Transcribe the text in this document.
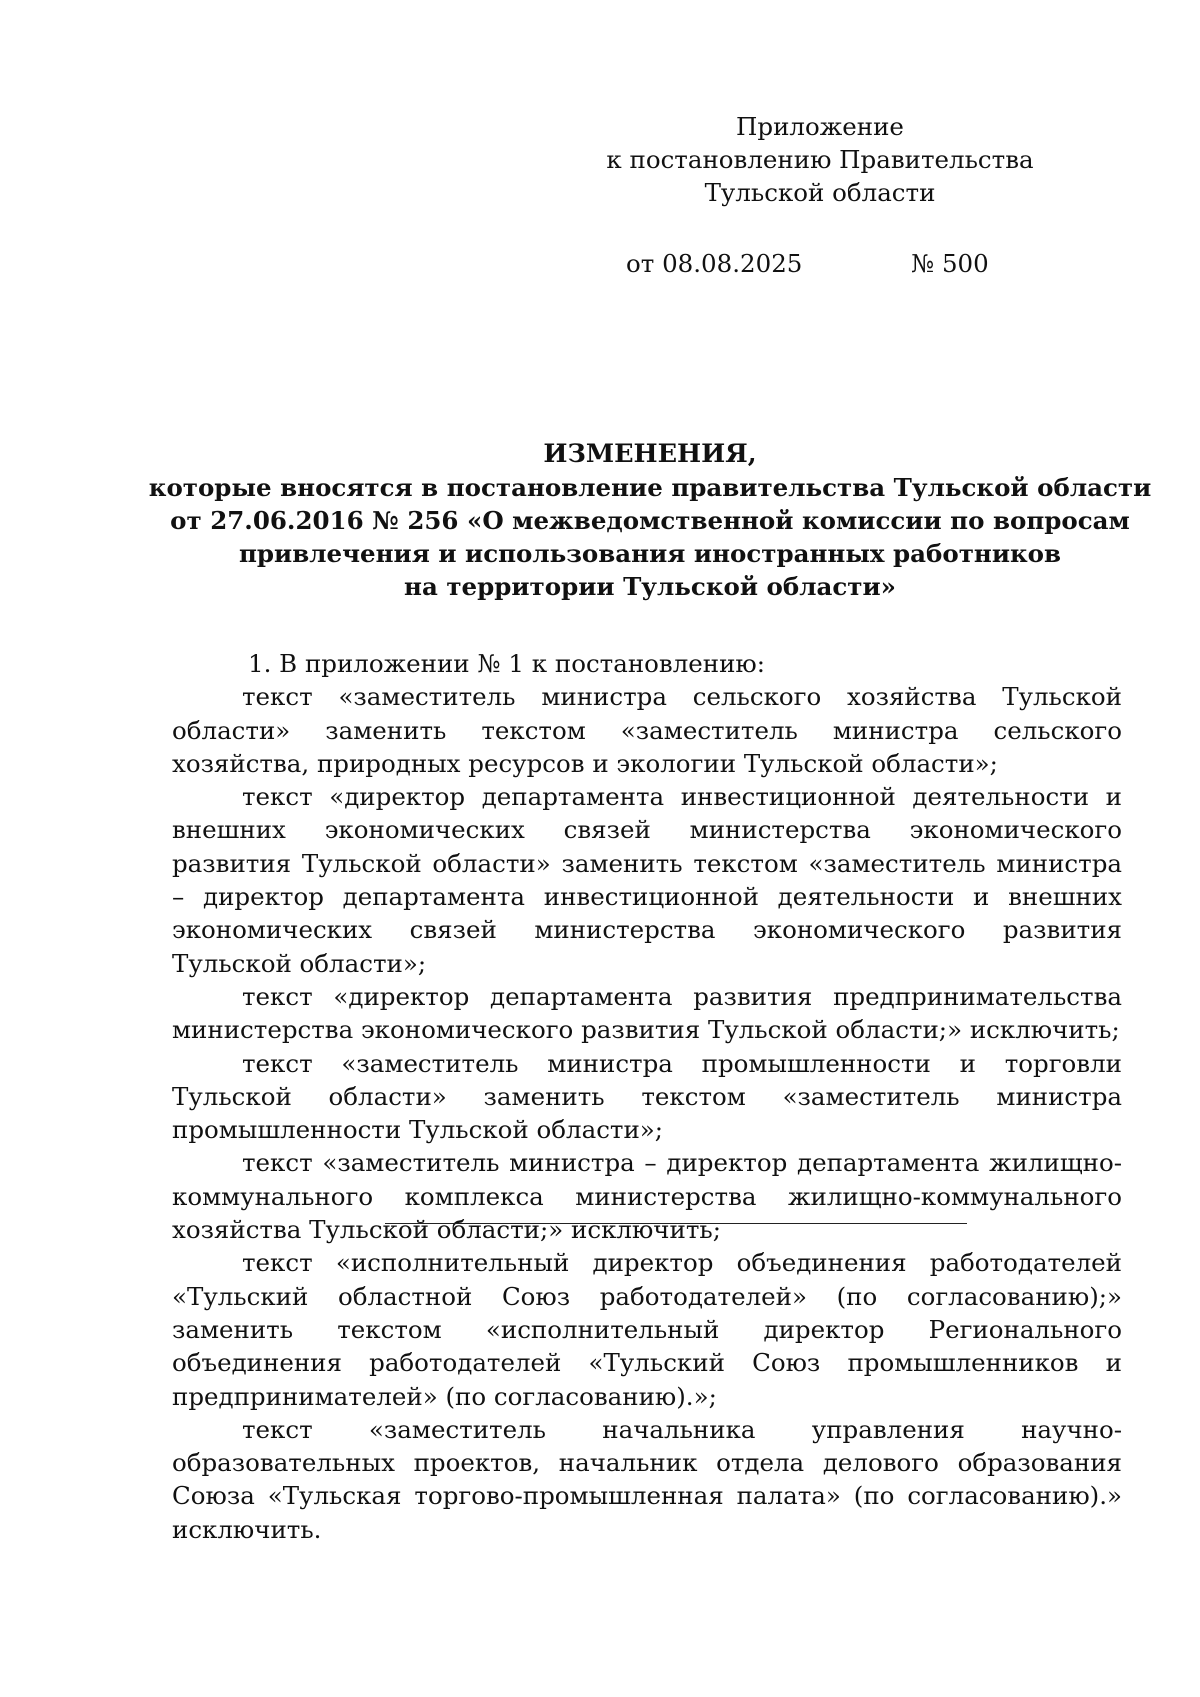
Приложение
к постановлению Правительства
Тульской области
от 08.08.2025	№ 500
ИЗМЕНЕНИЯ,
которые вносятся в постановление правительства Тульской области
от 27.06.2016 № 256 «О межведомственной комиссии по вопросам
привлечения и использования иностранных работников
на территории Тульской области»

1. В приложении № 1 к постановлению:

текст «заместитель министра сельского хозяйства Тульской области» заменить текстом «заместитель министра сельского хозяйства, природных ресурсов и экологии Тульской области»;

текст «директор департамента инвестиционной деятельности и внешних экономических связей министерства экономического развития Тульской области» заменить текстом «заместитель министра – директор департамента инвестиционной деятельности и внешних экономических связей министерства экономического развития Тульской области»;

текст «директор департамента развития предпринимательства министерства экономического развития Тульской области;» исключить;

текст «заместитель министра промышленности и торговли Тульской области» заменить текстом «заместитель министра промышленности Тульской области»;

текст «заместитель министра – директор департамента жилищно-коммунального комплекса министерства жилищно-коммунального хозяйства Тульской области;» исключить;

текст «исполнительный директор объединения работодателей «Тульский областной Союз работодателей» (по согласованию);» заменить текстом «исполнительный директор Регионального объединения работодателей «Тульский Союз промышленников и предпринимателей» (по согласованию).»;

текст «заместитель начальника управления научно-образовательных проектов, начальник отдела делового образования Союза «Тульская торгово-промышленная палата» (по согласованию).» исключить.
